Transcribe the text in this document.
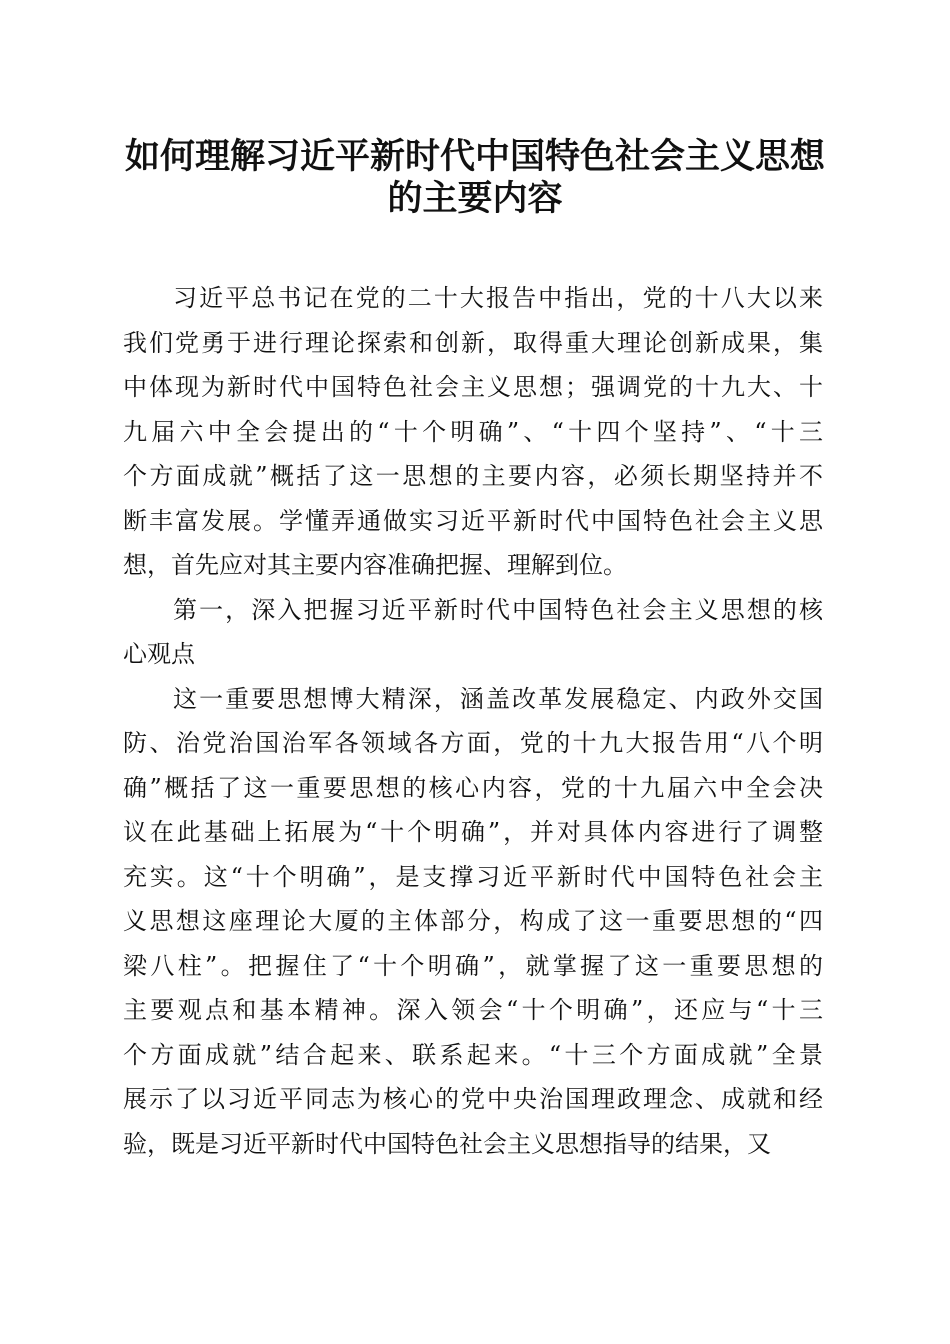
如何理解习近平新时代中国特色社会主义思想
的主要内容
习近平总书记在党的二十大报告中指出，党的十八大以来
我们党勇于进行理论探索和创新，取得重大理论创新成果，集
中体现为新时代中国特色社会主义思想；强调党的十九大、十
九届六中全会提出的“十个明确”、“十四个坚持”、“十三
个方面成就”概括了这一思想的主要内容，必须长期坚持并不
断丰富发展。学懂弄通做实习近平新时代中国特色社会主义思
想，首先应对其主要内容准确把握、理解到位。
第一，深入把握习近平新时代中国特色社会主义思想的核
心观点
这一重要思想博大精深，涵盖改革发展稳定、内政外交国
防、治党治国治军各领域各方面，党的十九大报告用“八个明
确”概括了这一重要思想的核心内容，党的十九届六中全会决
议在此基础上拓展为“十个明确”，并对具体内容进行了调整
充实。这“十个明确”，是支撑习近平新时代中国特色社会主
义思想这座理论大厦的主体部分，构成了这一重要思想的“四
梁八柱”。把握住了“十个明确”，就掌握了这一重要思想的
主要观点和基本精神。深入领会“十个明确”，还应与“十三
个方面成就”结合起来、联系起来。“十三个方面成就”全景
展示了以习近平同志为核心的党中央治国理政理念、成就和经
验，既是习近平新时代中国特色社会主义思想指导的结果，又
